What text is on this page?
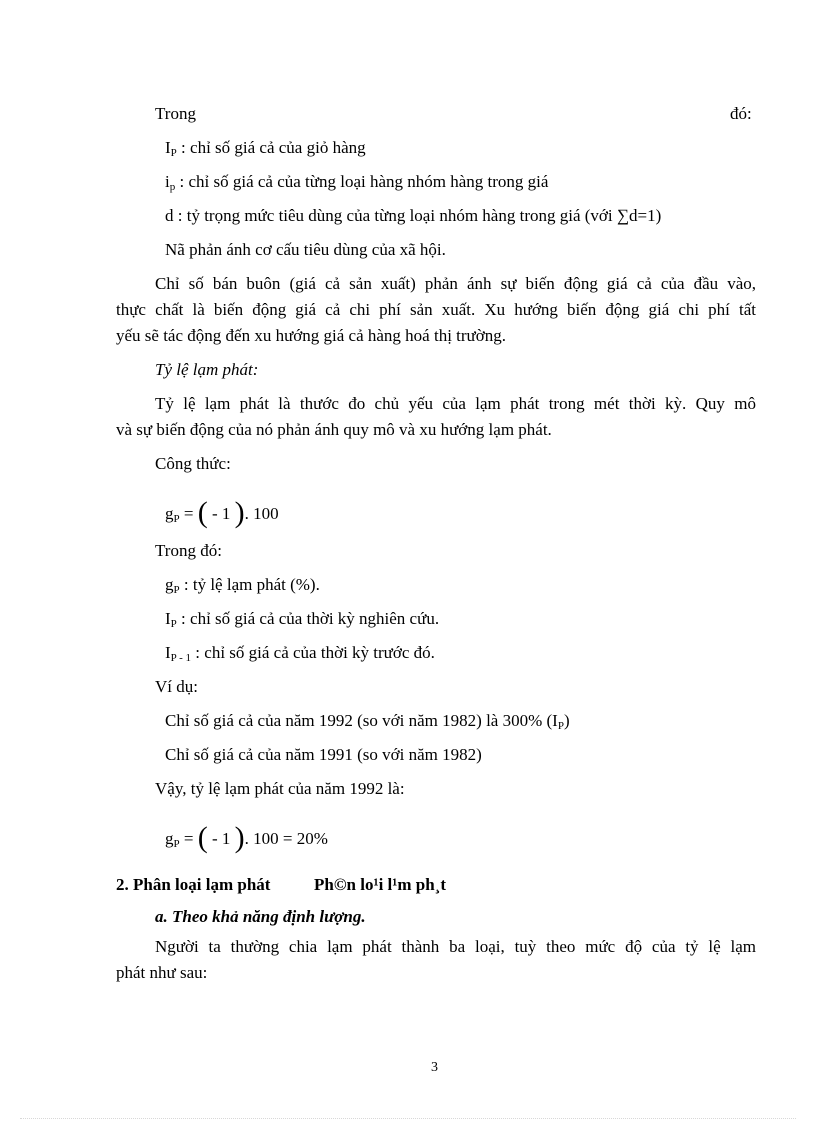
Trong	đó:
$I_P$ : chỉ số giá cả của giỏ hàng
$i_p$ : chỉ số giá cả của từng loại hàng nhóm hàng trong giá
d : tỷ trọng mức tiêu dùng của từng loại nhóm hàng trong giá (với ∑d=1)
Nã phản ánh cơ cấu tiêu dùng của xã hội.
Chỉ số bán buôn (giá cả sản xuất) phản ánh sự biến động giá cả của đầu vào,
thực chất là biến động giá cả chi phí sản xuất. Xu hướng biến động giá chi phí tất
yếu sẽ tác động đến xu hướng giá cả hàng hoá thị trường.
Tỷ lệ lạm phát:
Tỷ lệ lạm phát là thước đo chủ yếu của lạm phát trong mét thời kỳ. Quy mô
và sự biến động của nó phản ánh quy mô và xu hướng lạm phát.
Công thức:
$g_P$ = ( - 1 ). 100
Trong đó:
$g_P$ : tỷ lệ lạm phát (%).
$I_P$ : chỉ số giá cả của thời kỳ nghiên cứu.
$I_{P - 1}$ : chỉ số giá cả của thời kỳ trước đó.
Ví dụ:
Chỉ số giá cả của năm 1992 (so với năm 1982) là 300% $(I_P)$
Chỉ số giá cả của năm 1991 (so với năm 1982)
Vậy, tỷ lệ lạm phát của năm 1992 là:
$g_P$ = ( - 1 ). 100 = 20%
2. Phân loại lạm phát	Ph©n lo¹i l¹m ph¸t
a. Theo khả năng định lượng.
Người ta thường chia lạm phát thành ba loại, tuỳ theo mức độ của tỷ lệ lạm
phát như sau:
3
